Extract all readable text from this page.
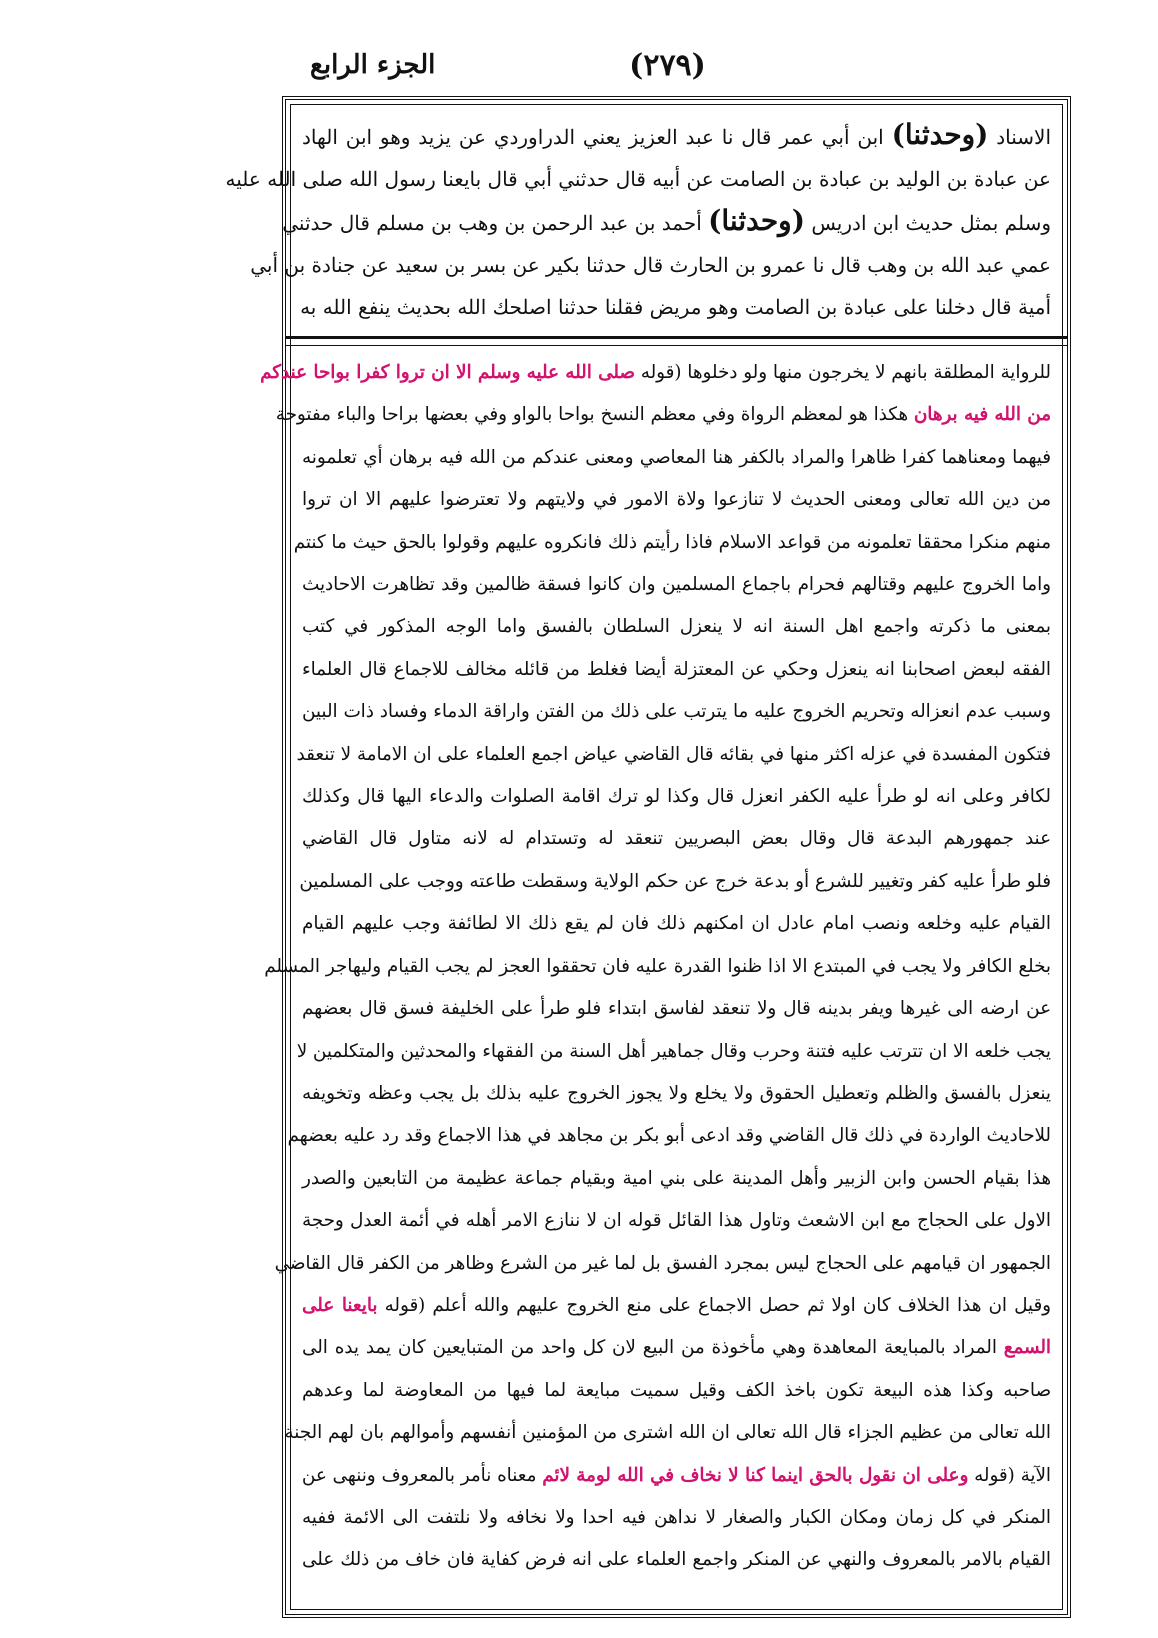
(٢٧٩)
الجزء الرابع
الاسناد (وحدثنا) ابن أبي عمر قال نا عبد العزيز يعني الدراوردي عن يزيد وهو ابن الهاد
عن عبادة بن الوليد بن عبادة بن الصامت عن أبيه قال حدثني أبي قال بايعنا رسول الله صلى الله عليه
وسلم بمثل حديث ابن ادريس (وحدثنا) أحمد بن عبد الرحمن بن وهب بن مسلم قال حدثني
عمي عبد الله بن وهب قال نا عمرو بن الحارث قال حدثنا بكير عن بسر بن سعيد عن جنادة بن أبي
أمية قال دخلنا على عبادة بن الصامت وهو مريض فقلنا حدثنا اصلحك الله بحديث ينفع الله به
للرواية المطلقة بانهم لا يخرجون منها ولو دخلوها (قوله صلى الله عليه وسلم الا ان تروا كفرا بواحا عندكم
من الله فيه برهان هكذا هو لمعظم الرواة وفي معظم النسخ بواحا بالواو وفي بعضها براحا والباء مفتوحة
فيهما ومعناهما كفرا ظاهرا والمراد بالكفر هنا المعاصي ومعنى عندكم من الله فيه برهان أي تعلمونه
من دين الله تعالى ومعنى الحديث لا تنازعوا ولاة الامور في ولايتهم ولا تعترضوا عليهم الا ان تروا
منهم منكرا محققا تعلمونه من قواعد الاسلام فاذا رأيتم ذلك فانكروه عليهم وقولوا بالحق حيث ما كنتم
واما الخروج عليهم وقتالهم فحرام باجماع المسلمين وان كانوا فسقة ظالمين وقد تظاهرت الاحاديث
بمعنى ما ذكرته واجمع اهل السنة انه لا ينعزل السلطان بالفسق واما الوجه المذكور في كتب
الفقه لبعض اصحابنا انه ينعزل وحكي عن المعتزلة أيضا فغلط من قائله مخالف للاجماع قال العلماء
وسبب عدم انعزاله وتحريم الخروج عليه ما يترتب على ذلك من الفتن واراقة الدماء وفساد ذات البين
فتكون المفسدة في عزله اكثر منها في بقائه قال القاضي عياض اجمع العلماء على ان الامامة لا تنعقد
لكافر وعلى انه لو طرأ عليه الكفر انعزل قال وكذا لو ترك اقامة الصلوات والدعاء اليها قال وكذلك
عند جمهورهم البدعة قال وقال بعض البصريين تنعقد له وتستدام له لانه متاول قال القاضي
فلو طرأ عليه كفر وتغيير للشرع أو بدعة خرج عن حكم الولاية وسقطت طاعته ووجب على المسلمين
القيام عليه وخلعه ونصب امام عادل ان امكنهم ذلك فان لم يقع ذلك الا لطائفة وجب عليهم القيام
بخلع الكافر ولا يجب في المبتدع الا اذا ظنوا القدرة عليه فان تحققوا العجز لم يجب القيام وليهاجر المسلم
عن ارضه الى غيرها ويفر بدينه قال ولا تنعقد لفاسق ابتداء فلو طرأ على الخليفة فسق قال بعضهم
يجب خلعه الا ان تترتب عليه فتنة وحرب وقال جماهير أهل السنة من الفقهاء والمحدثين والمتكلمين لا
ينعزل بالفسق والظلم وتعطيل الحقوق ولا يخلع ولا يجوز الخروج عليه بذلك بل يجب وعظه وتخويفه
للاحاديث الواردة في ذلك قال القاضي وقد ادعى أبو بكر بن مجاهد في هذا الاجماع وقد رد عليه بعضهم
هذا بقيام الحسن وابن الزبير وأهل المدينة على بني امية وبقيام جماعة عظيمة من التابعين والصدر
الاول على الحجاج مع ابن الاشعث وتاول هذا القائل قوله ان لا ننازع الامر أهله في أئمة العدل وحجة
الجمهور ان قيامهم على الحجاج ليس بمجرد الفسق بل لما غير من الشرع وظاهر من الكفر قال القاضي
وقيل ان هذا الخلاف كان اولا ثم حصل الاجماع على منع الخروج عليهم والله أعلم (قوله بايعنا على
السمع المراد بالمبايعة المعاهدة وهي مأخوذة من البيع لان كل واحد من المتبايعين كان يمد يده الى
صاحبه وكذا هذه البيعة تكون باخذ الكف وقيل سميت مبايعة لما فيها من المعاوضة لما وعدهم
الله تعالى من عظيم الجزاء قال الله تعالى ان الله اشترى من المؤمنين أنفسهم وأموالهم بان لهم الجنة
الآية (قوله وعلى ان نقول بالحق اينما كنا لا نخاف في الله لومة لائم معناه نأمر بالمعروف وننهى عن
المنكر في كل زمان ومكان الكبار والصغار لا نداهن فيه احدا ولا نخافه ولا نلتفت الى الائمة ففيه
القيام بالامر بالمعروف والنهي عن المنكر واجمع العلماء على انه فرض كفاية فان خاف من ذلك على
